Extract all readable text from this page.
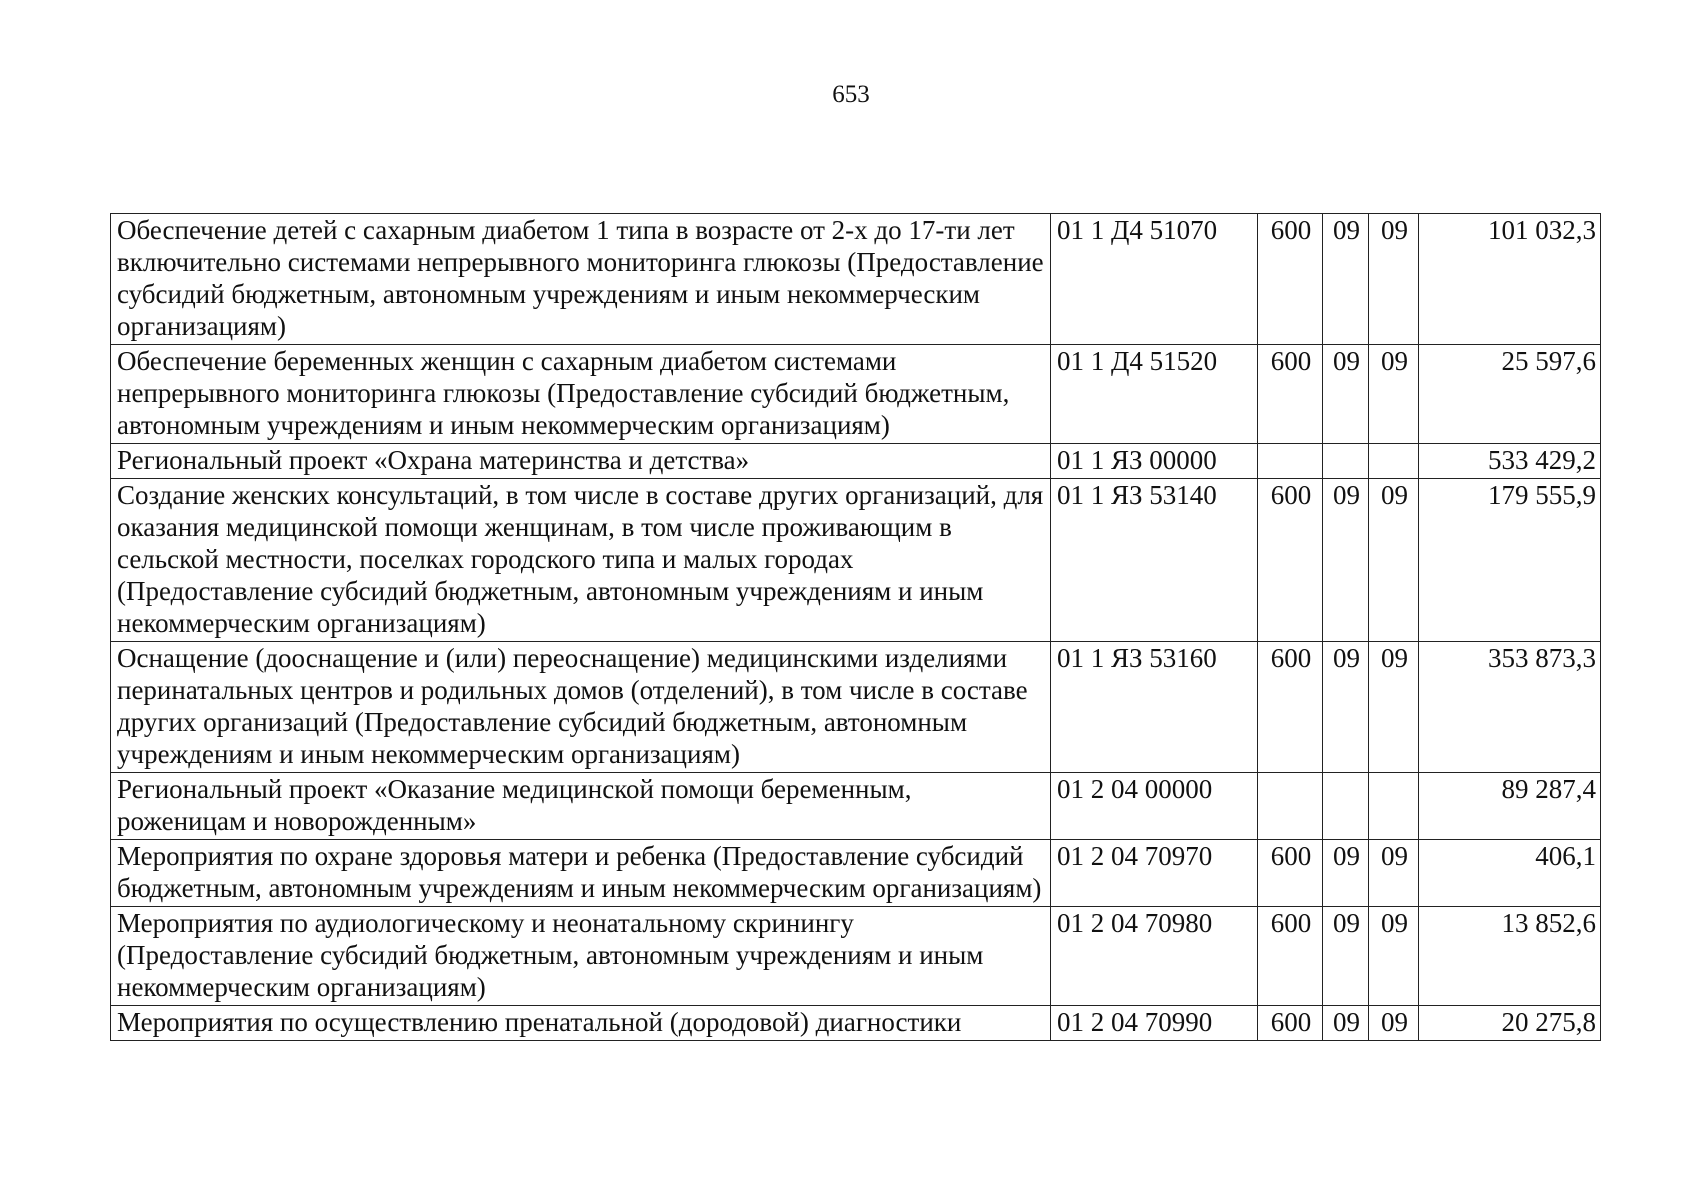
653
Обеспечение детей с сахарным диабетом 1 типа в возрасте от 2-х до 17-ти лет включительно системами непрерывного мониторинга глюкозы (Предоставление субсидий бюджетным, автономным учреждениям и иным некоммерческим организациям)	01 1 Д4 51070	600	09	09	101 032,3
Обеспечение беременных женщин с сахарным диабетом системами непрерывного мониторинга глюкозы (Предоставление субсидий бюджетным, автономным учреждениям и иным некоммерческим организациям)	01 1 Д4 51520	600	09	09	25 597,6
Региональный проект «Охрана материнства и детства»	01 1 ЯЗ 00000				533 429,2
Создание женских консультаций, в том числе в составе других организаций, для оказания медицинской помощи женщинам, в том числе проживающим в сельской местности, поселках городского типа и малых городах (Предоставление субсидий бюджетным, автономным учреждениям и иным некоммерческим организациям)	01 1 ЯЗ 53140	600	09	09	179 555,9
Оснащение (дооснащение и (или) переоснащение) медицинскими изделиями перинатальных центров и родильных домов (отделений), в том числе в составе других организаций (Предоставление субсидий бюджетным, автономным учреждениям и иным некоммерческим организациям)	01 1 ЯЗ 53160	600	09	09	353 873,3
Региональный проект «Оказание медицинской помощи беременным, роженицам и новорожденным»	01 2 04 00000				89 287,4
Мероприятия по охране здоровья матери и ребенка (Предоставление субсидий бюджетным, автономным учреждениям и иным некоммерческим организациям)	01 2 04 70970	600	09	09	406,1
Мероприятия по аудиологическому и неонатальному скринингу (Предоставление субсидий бюджетным, автономным учреждениям и иным некоммерческим организациям)	01 2 04 70980	600	09	09	13 852,6
Мероприятия по осуществлению пренатальной (дородовой) диагностики	01 2 04 70990	600	09	09	20 275,8
